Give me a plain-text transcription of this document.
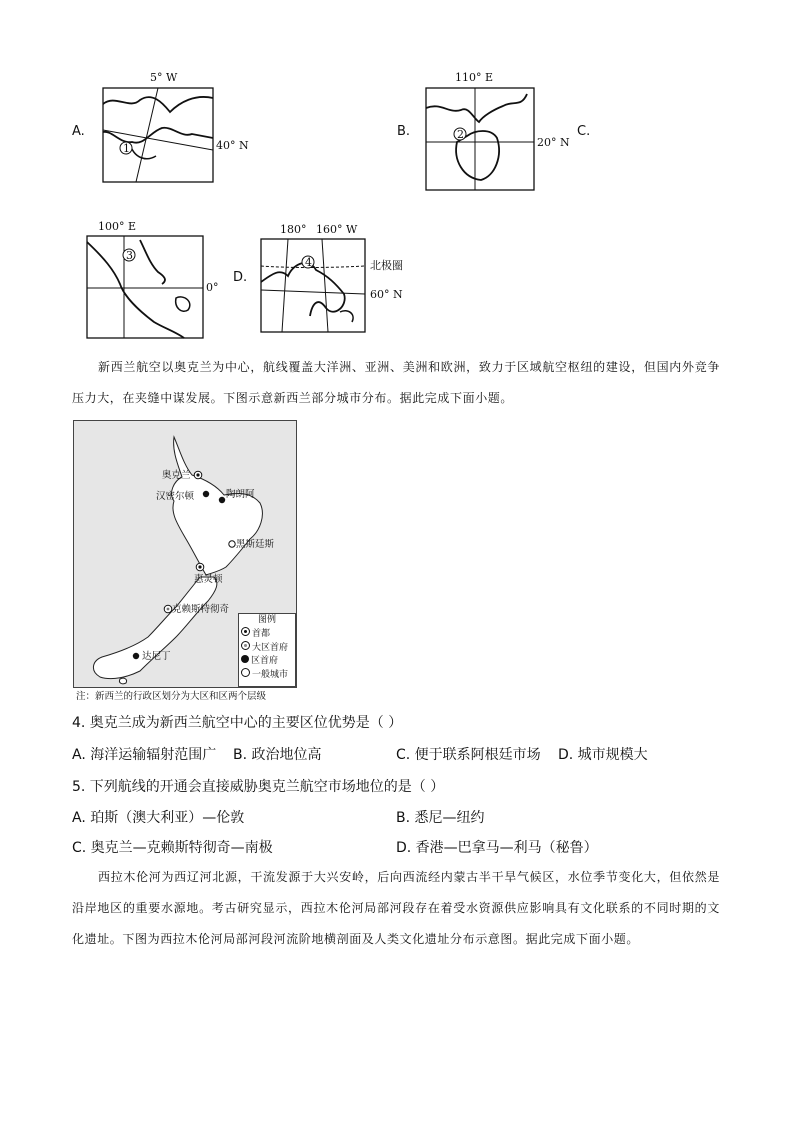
A.
5° W
1	40° N
B.
110° E
2
20° N
C.
100° E
3
0°
D.
180° 160° W
4	北极圈
60° N
新西兰航空以奥克兰为中心，航线覆盖大洋洲、亚洲、美洲和欧洲，致力于区域航空枢纽的建设，但国内外竞争压力大，在夹缝中谋发展。下图示意新西兰部分城市分布。据此完成下面小题。
奥克兰
汉密尔顿	陶朗阿
黑斯廷斯
惠灵顿
克赖斯特彻奇
达尼丁
图例
首都
大区首府
区首府
一般城市
注：新西兰的行政区划分为大区和区两个层级
4. 奥克兰成为新西兰航空中心的主要区位优势是（ ）
A. 海洋运输辐射范围广 B. 政治地位高	C. 便于联系阿根廷市场 D. 城市规模大
5. 下列航线的开通会直接威胁奥克兰航空市场地位的是（ ）
A. 珀斯（澳大利亚）—伦敦	B. 悉尼—纽约
C. 奥克兰—克赖斯特彻奇—南极	D. 香港—巴拿马—利马（秘鲁）
西拉木伦河为西辽河北源，干流发源于大兴安岭，后向西流经内蒙古半干旱气候区，水位季节变化大，但依然是沿岸地区的重要水源地。考古研究显示，西拉木伦河局部河段存在着受水资源供应影响具有文化联系的不同时期的文化遗址。下图为西拉木伦河局部河段河流阶地横剖面及人类文化遗址分布示意图。据此完成下面小题。
